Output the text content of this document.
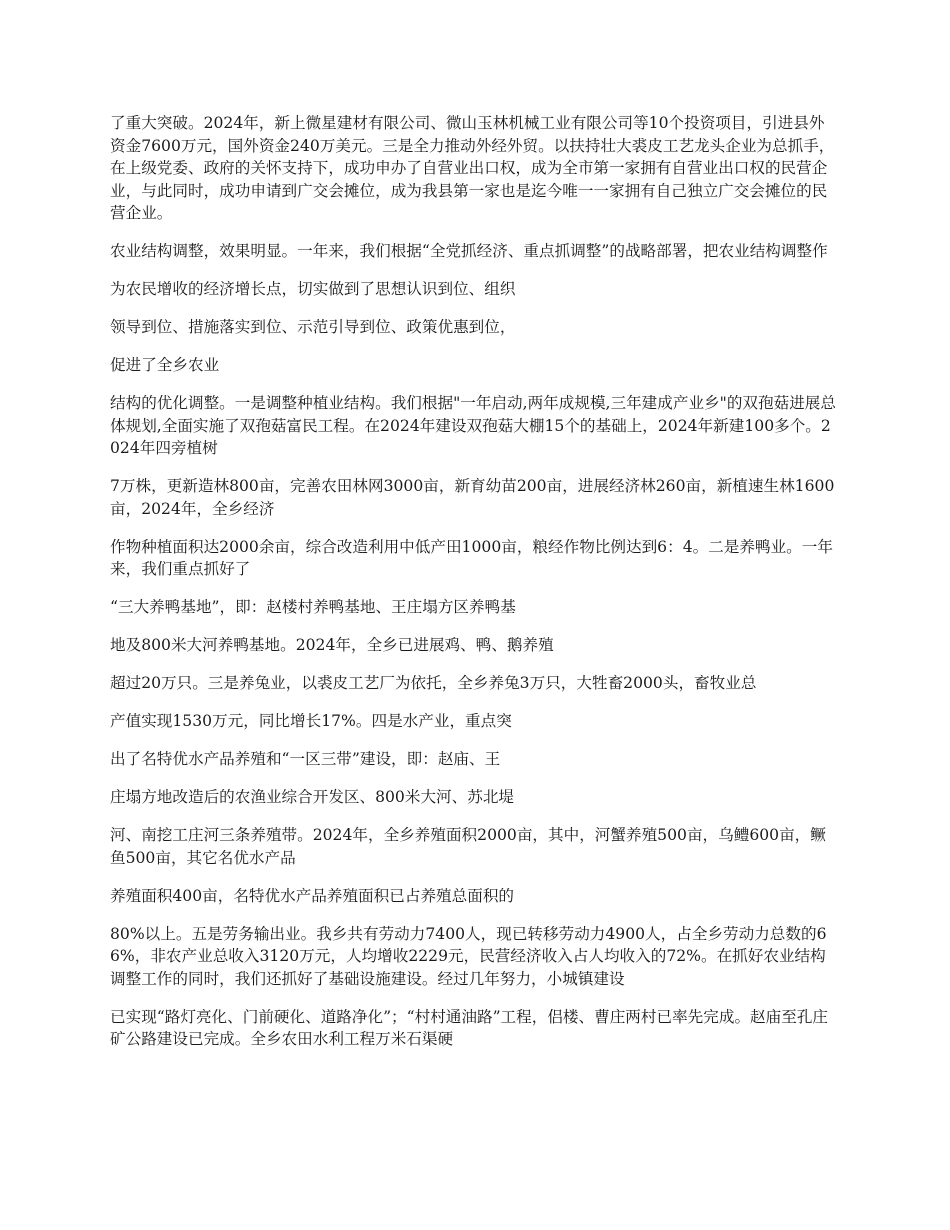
了重大突破。2024年，新上微星建材有限公司、微山玉林机械工业有限公司等10个投资项目，引进县外资金7600万元，国外资金240万美元。三是全力推动外经外贸。以扶持壮大裘皮工艺龙头企业为总抓手，在上级党委、政府的关怀支持下，成功申办了自营业出口权，成为全市第一家拥有自营业出口权的民营企业，与此同时，成功申请到广交会摊位，成为我县第一家也是迄今唯一一家拥有自己独立广交会摊位的民营企业。

农业结构调整，效果明显。一年来，我们根据“全党抓经济、重点抓调整”的战略部署，把农业结构调整作

为农民增收的经济增长点，切实做到了思想认识到位、组织

领导到位、措施落实到位、示范引导到位、政策优惠到位，

促进了全乡农业

结构的优化调整。一是调整种植业结构。我们根据"一年启动,两年成规模,三年建成产业乡"的双孢菇进展总体规划,全面实施了双孢菇富民工程。在2024年建设双孢菇大棚15个的基础上，2024年新建100多个。2024年四旁植树

7万株，更新造林800亩，完善农田林网3000亩，新育幼苗200亩，进展经济林260亩，新植速生林1600亩，2024年，全乡经济

作物种植面积达2000余亩，综合改造利用中低产田1000亩，粮经作物比例达到6：4。二是养鸭业。一年来，我们重点抓好了

“三大养鸭基地”，即：赵楼村养鸭基地、王庄塌方区养鸭基

地及800米大河养鸭基地。2024年，全乡已进展鸡、鸭、鹅养殖

超过20万只。三是养兔业，以裘皮工艺厂为依托，全乡养兔3万只，大牲畜2000头，畜牧业总

产值实现1530万元，同比增长17%。四是水产业，重点突

出了名特优水产品养殖和“一区三带”建设，即：赵庙、王

庄塌方地改造后的农渔业综合开发区、800米大河、苏北堤

河、南挖工庄河三条养殖带。2024年，全乡养殖面积2000亩，其中，河蟹养殖500亩，乌鳢600亩，鳜鱼500亩，其它名优水产品

养殖面积400亩，名特优水产品养殖面积已占养殖总面积的

80%以上。五是劳务输出业。我乡共有劳动力7400人，现已转移劳动力4900人，占全乡劳动力总数的66%，非农产业总收入3120万元，人均增收2229元，民营经济收入占人均收入的72%。在抓好农业结构调整工作的同时，我们还抓好了基础设施建设。经过几年努力，小城镇建设

已实现“路灯亮化、门前硬化、道路净化”；“村村通油路”工程，侣楼、曹庄两村已率先完成。赵庙至孔庄矿公路建设已完成。全乡农田水利工程万米石渠硬
